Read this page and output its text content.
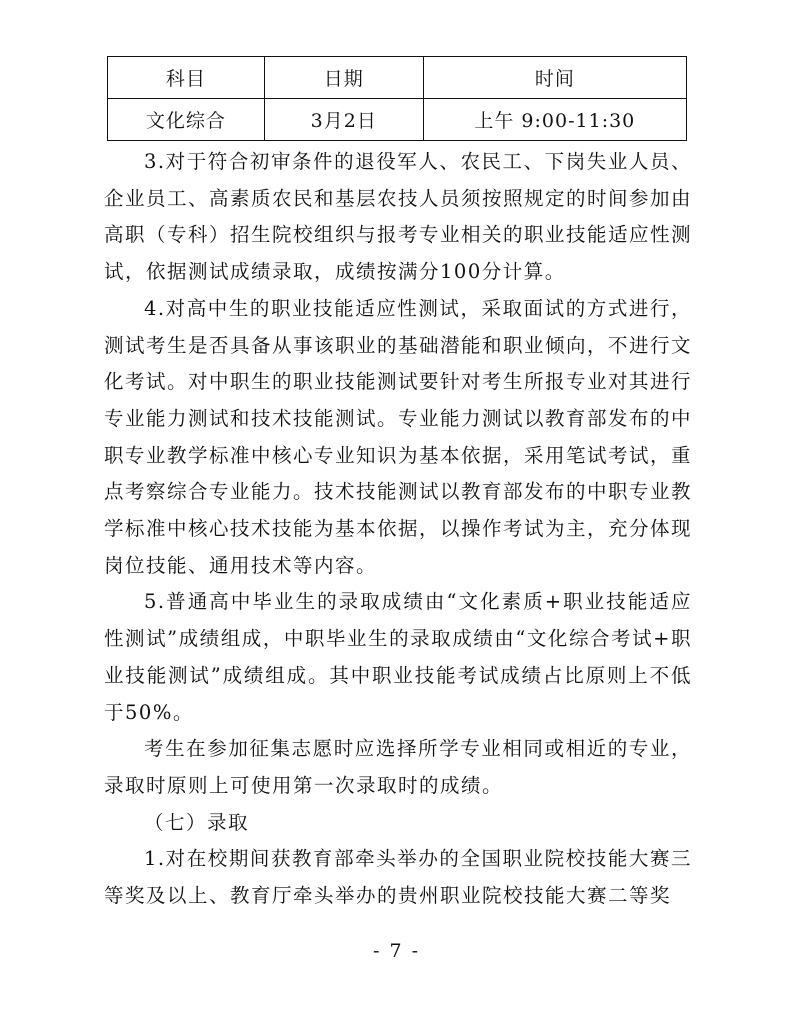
科目	日期	时间
文化综合	3月2日	上午 9:00-11:30

3.对于符合初审条件的退役军人、农民工、下岗失业人员、企业员工、高素质农民和基层农技人员须按照规定的时间参加由高职（专科）招生院校组织与报考专业相关的职业技能适应性测试，依据测试成绩录取，成绩按满分100分计算。

4.对高中生的职业技能适应性测试，采取面试的方式进行，测试考生是否具备从事该职业的基础潜能和职业倾向，不进行文化考试。对中职生的职业技能测试要针对考生所报专业对其进行专业能力测试和技术技能测试。专业能力测试以教育部发布的中职专业教学标准中核心专业知识为基本依据，采用笔试考试，重点考察综合专业能力。技术技能测试以教育部发布的中职专业教学标准中核心技术技能为基本依据，以操作考试为主，充分体现岗位技能、通用技术等内容。

5.普通高中毕业生的录取成绩由“文化素质+职业技能适应性测试”成绩组成，中职毕业生的录取成绩由“文化综合考试+职业技能测试”成绩组成。其中职业技能考试成绩占比原则上不低于50%。

考生在参加征集志愿时应选择所学专业相同或相近的专业，录取时原则上可使用第一次录取时的成绩。

（七）录取

1.对在校期间获教育部牵头举办的全国职业院校技能大赛三等奖及以上、教育厅牵头举办的贵州职业院校技能大赛二等奖

- 7 -
